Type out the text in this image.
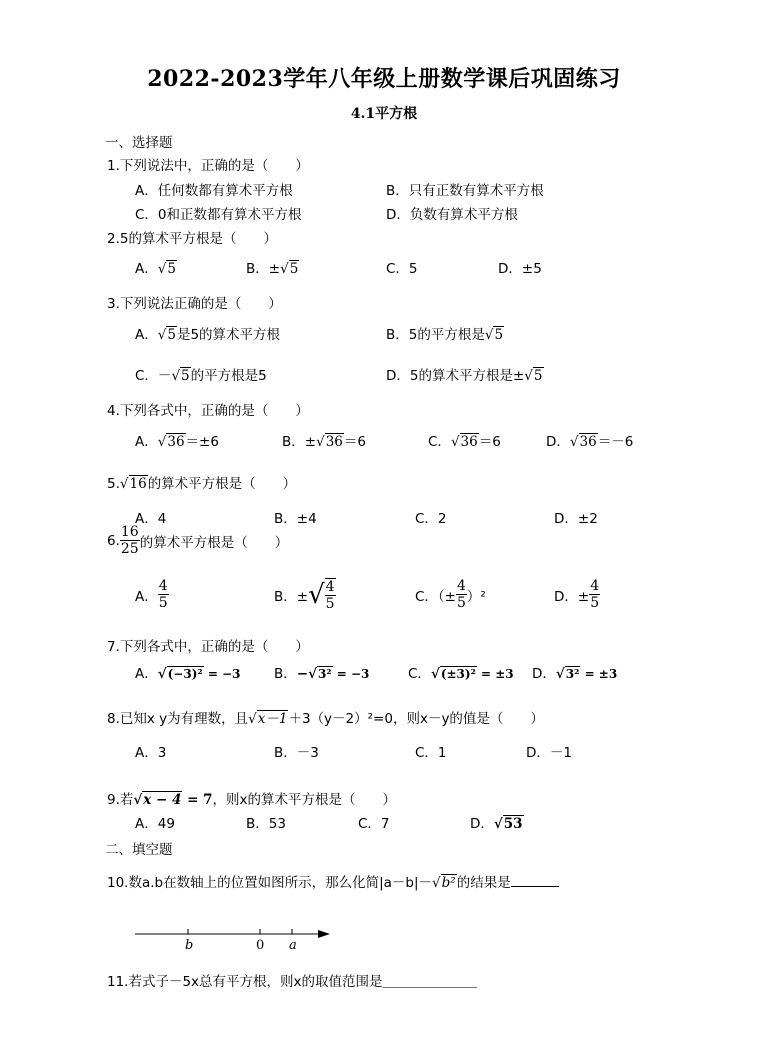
2022-2023学年八年级上册数学课后巩固练习
4.1平方根
一、选择题
1.下列说法中，正确的是（　　）
A．任何数都有算术平方根	B．只有正数有算术平方根
C．0和正数都有算术平方根	D．负数有算术平方根
2.5的算术平方根是（　　）
A．√5	B．±√5	C．5	D．±5
3.下列说法正确的是（　　）
A．√5是5的算术平方根	B．5的平方根是√5
C．－√5的平方根是5	D．5的算术平方根是±√5
4.下列各式中，正确的是（　　）
A．√36＝±6	B．±√36＝6	C．√36＝6	D．√36＝－6
5.√16的算术平方根是（　　）
A．4	B．±4	C．2	D．±2
6. $\frac{16}{25}$ 的算术平方根是（　　）
A． $\frac{4}{5}$	B．± √ $\frac{4}{5}$	C．（± $\frac{4}{5} )^2$	D．± $\frac{4}{5}$
7.下列各式中，正确的是（　　）
A．√(−3)² = −3 B．−√3² = −3	C．√(±3)² = ±3 D．√3² = ±3
8.已知x y为有理数，且√x－1＋3（y－2）²=0，则x－y的值是（　　）
A．3	B．－3	C．1	D．－1
9.若√x − 4 = 7，则x的算术平方根是（　　）
A．49	B．53	C．7	D．√53
二、填空题
10.数a.b在数轴上的位置如图所示，那么化简|a－b|－√b²的结果是
b	0 a
11.若式子－5x总有平方根，则x的取值范围是＿＿＿＿＿＿＿
